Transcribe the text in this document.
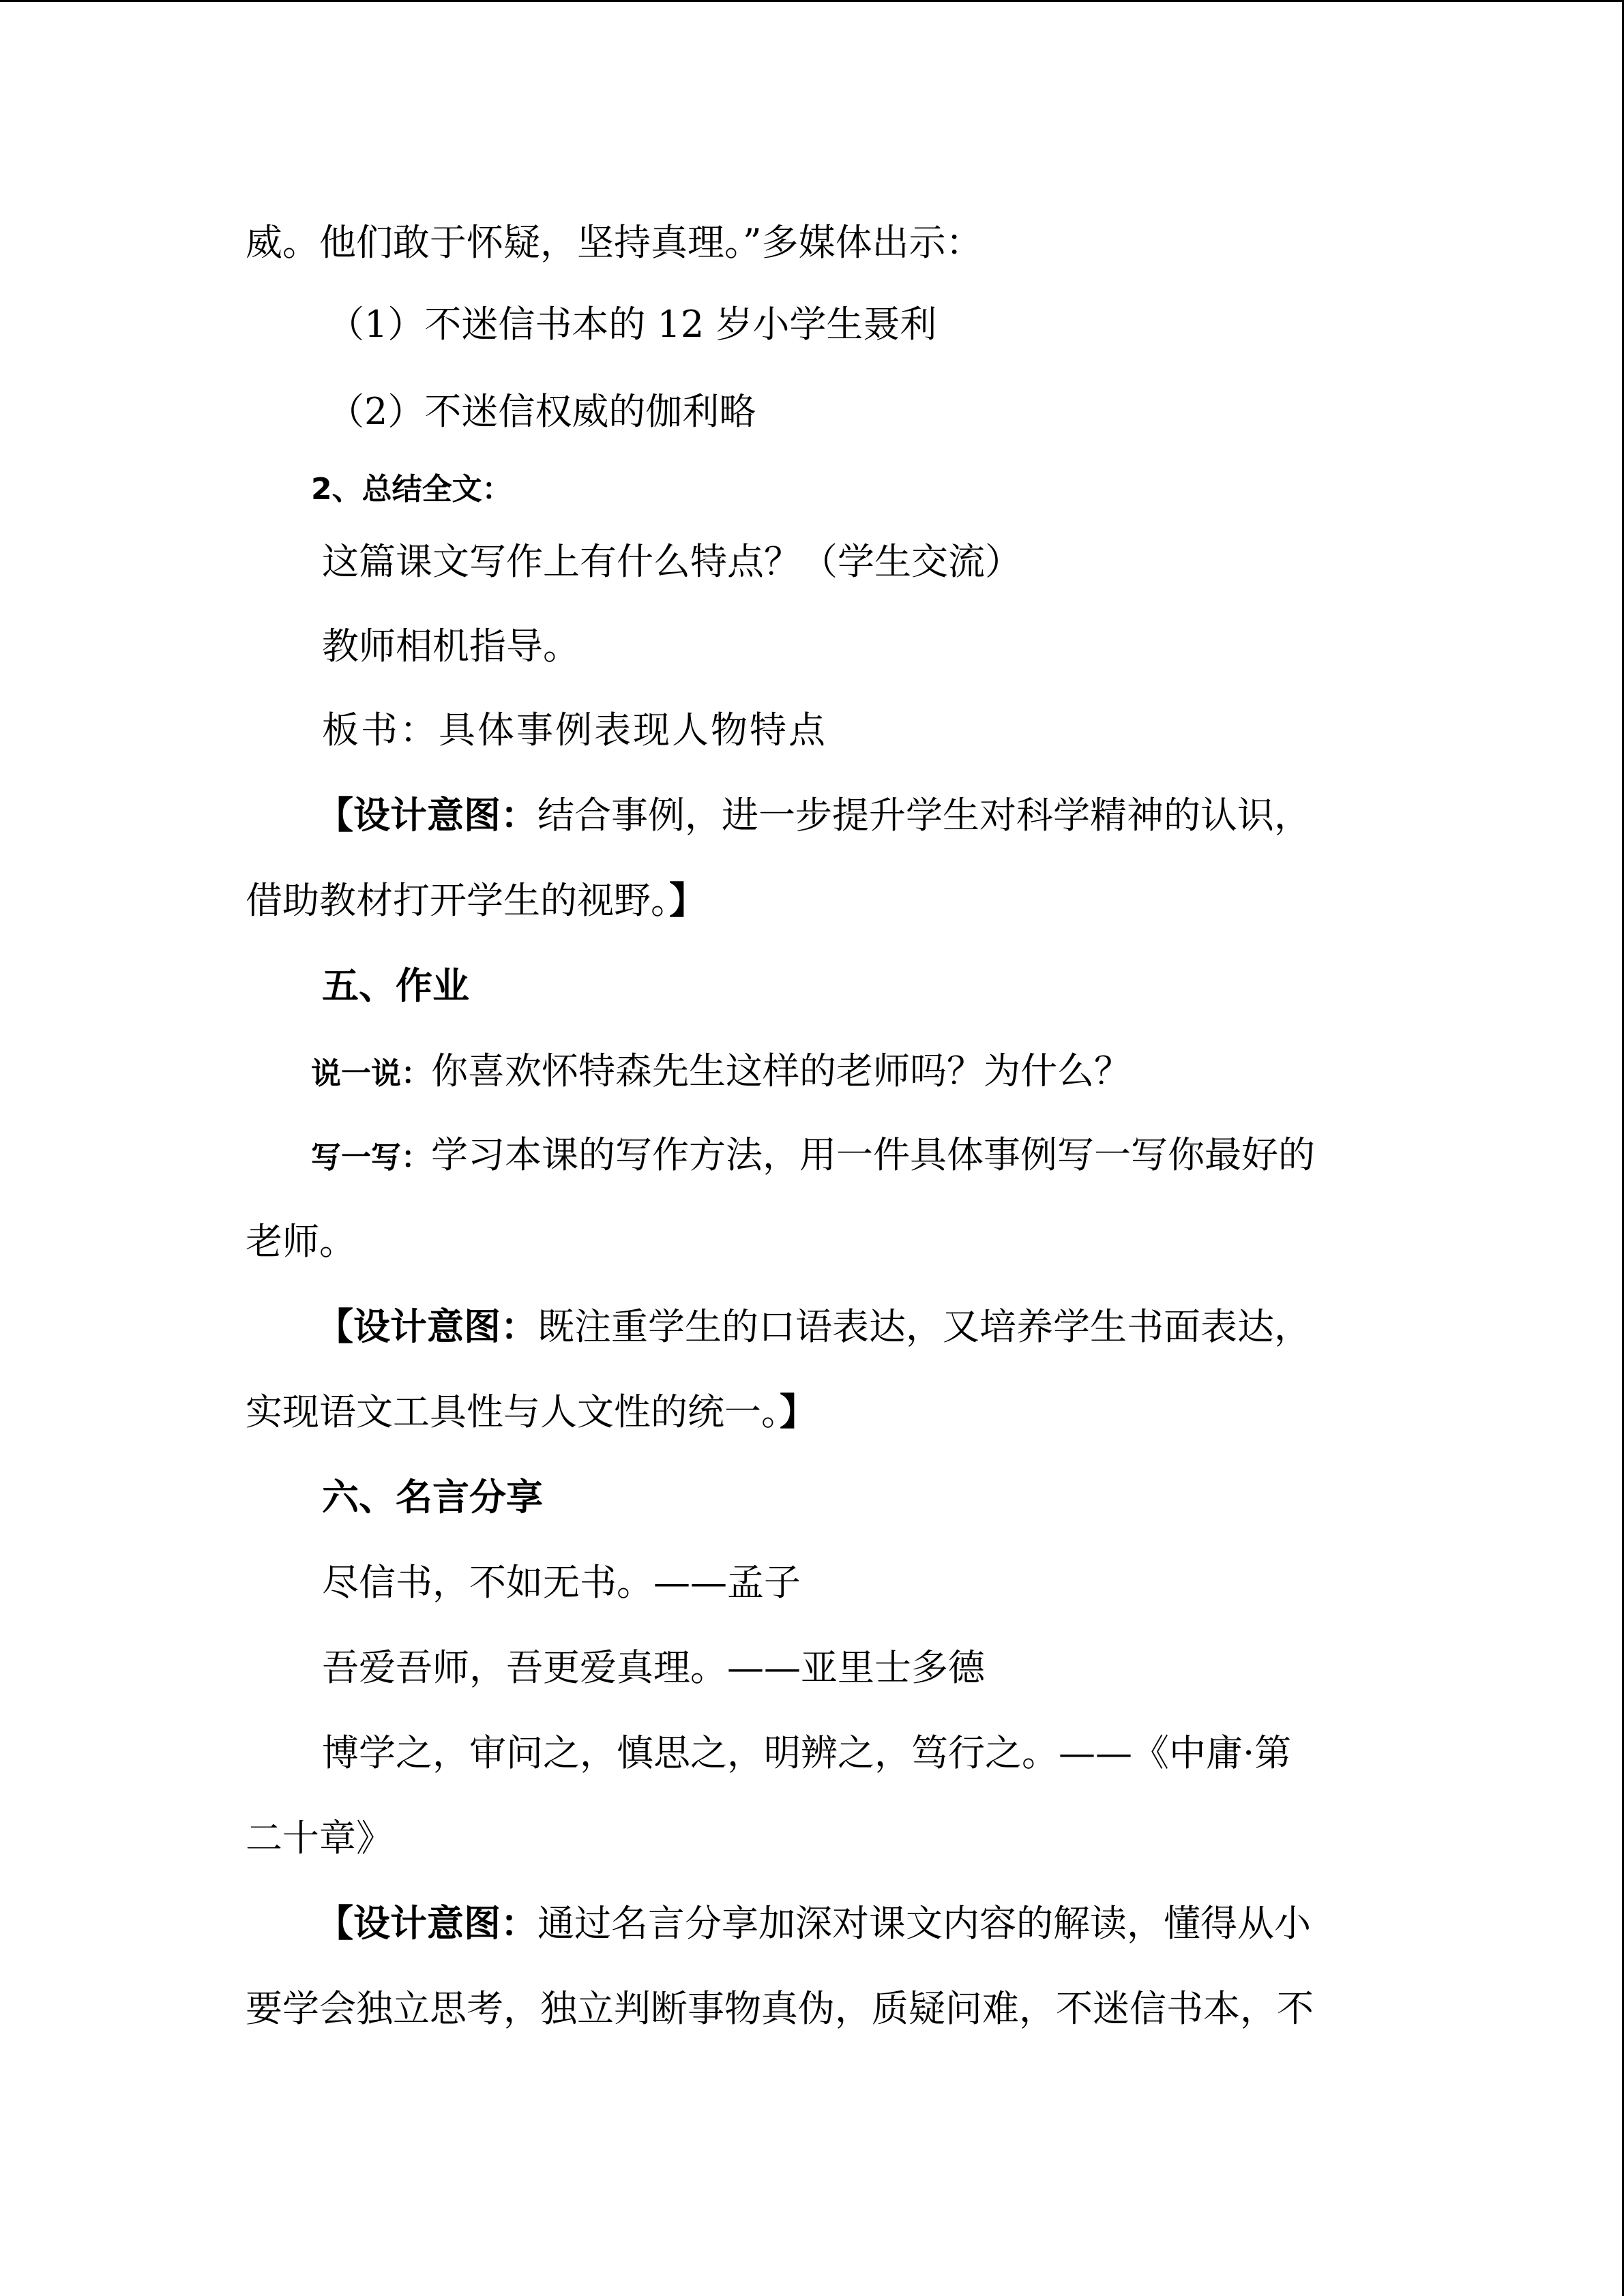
威。他们敢于怀疑，坚持真理。”多媒体出示：
（1）不迷信书本的 12 岁小学生聂利
（2）不迷信权威的伽利略
2、总结全文：
这篇课文写作上有什么特点？（学生交流）
教师相机指导。
板书：具体事例表现人物特点
【设计意图：结合事例，进一步提升学生对科学精神的认识，
借助教材打开学生的视野。】
五、作业
说一说：你喜欢怀特森先生这样的老师吗？为什么？
写一写：学习本课的写作方法，用一件具体事例写一写你最好的
老师。
【设计意图：既注重学生的口语表达，又培养学生书面表达，
实现语文工具性与人文性的统一。】
六、名言分享
尽信书，不如无书。——孟子
吾爱吾师，吾更爱真理。——亚里士多德
博学之，审问之，慎思之，明辨之，笃行之。——《中庸·第
二十章》
【设计意图：通过名言分享加深对课文内容的解读，懂得从小
要学会独立思考，独立判断事物真伪，质疑问难，不迷信书本，不
